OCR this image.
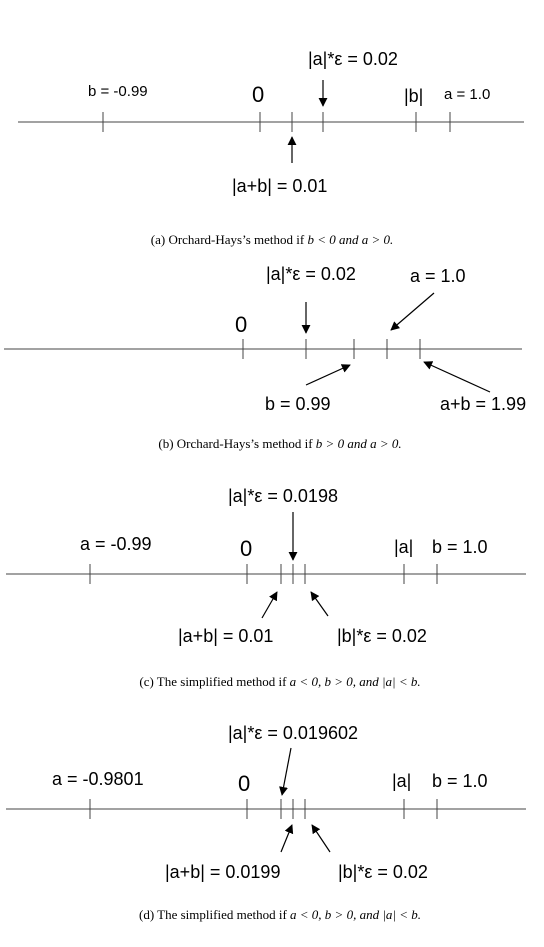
b = -0.99	0	|b| a = 1.0
|a|*ε = 0.02
|a+b| = 0.01
(a) Orchard-Hays’s method if b < 0 and a > 0.
0
|a|*ε = 0.02	a = 1.0
b = 0.99	a+b = 1.99
(b) Orchard-Hays’s method if b > 0 and a > 0.
a = -0.99	0	|a| b = 1.0
|a|*ε = 0.0198
|a+b| = 0.01	|b|*ε = 0.02
(c) The simplified method if a < 0, b > 0, and |a| < b.
a = -0.9801	0	|a| b = 1.0
|a|*ε = 0.019602
|a+b| = 0.0199	|b|*ε = 0.02
(d) The simplified method if a < 0, b > 0, and |a| < b.
